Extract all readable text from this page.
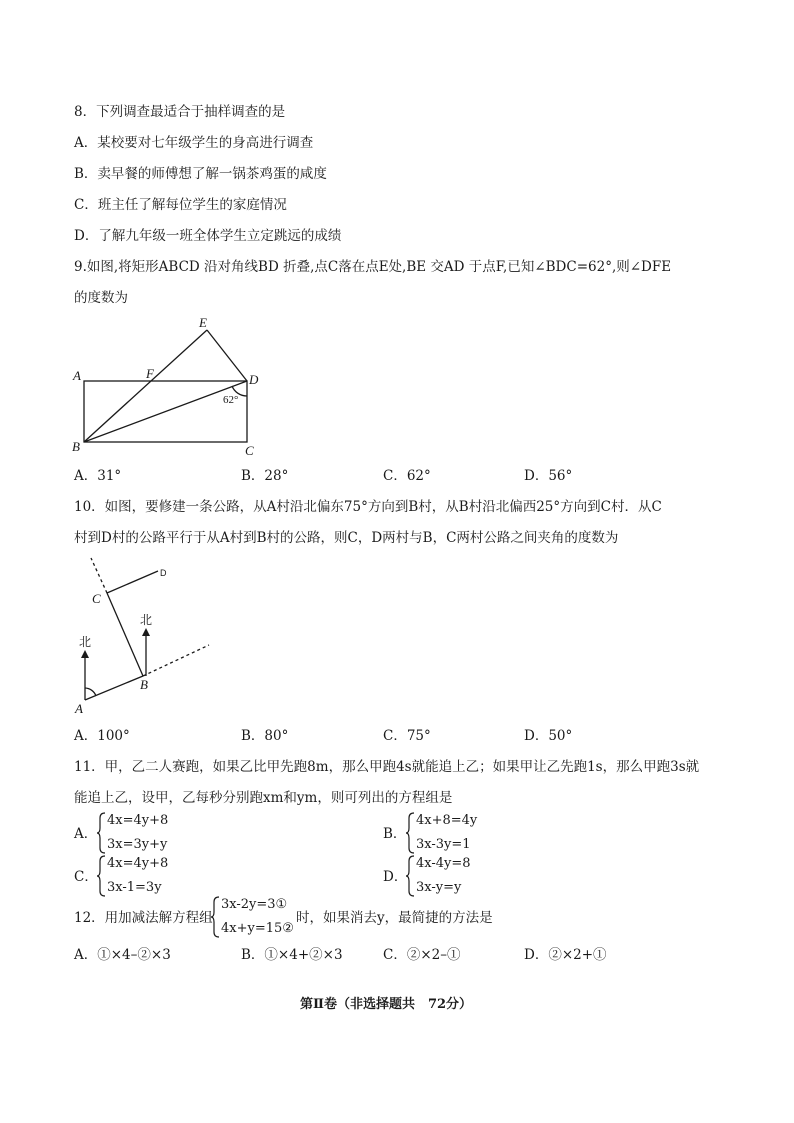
8．下列调查最适合于抽样调查的是
A．某校要对七年级学生的身高进行调查
B．卖早餐的师傅想了解一锅茶鸡蛋的咸度
C．班主任了解每位学生的家庭情况
D．了解九年级一班全体学生立定跳远的成绩
9.如图,将矩形ABCD 沿对角线BD 折叠,点C落在点E处,BE 交AD 于点F,已知∠BDC=62°,则∠DFE
的度数为
E
A	F	D
B	C
62°
A．31°	B．28°	C．62°	D．56°
10．如图，要修建一条公路，从A村沿北偏东75°方向到B村，从B村沿北偏西25°方向到C村．从C
村到D村的公路平行于从A村到B村的公路，则C，D两村与B，C两村公路之间夹角的度数为
C
B
A
D
北
北
A．100°	B．80°	C．75°	D．50°
11．甲，乙二人赛跑，如果乙比甲先跑8m，那么甲跑4s就能追上乙；如果甲让乙先跑1s，那么甲跑3s就
能追上乙，设甲，乙每秒分别跑xm和ym，则可列出的方程组是
A．
4x=4y+8
3x=3y+y
B．
4x+8=4y
3x-3y=1
C．
4x=4y+8
3x-1=3y
D．
4x-4y=8
3x-y=y
12．用加减法解方程组
3x-2y=3①
4x+y=15②
时，如果消去y，最简捷的方法是
A．①×4–②×3	B．①×4+②×3	C．②×2–①	D．②×2+①
第Ⅱ卷（非选择题共　72分）
